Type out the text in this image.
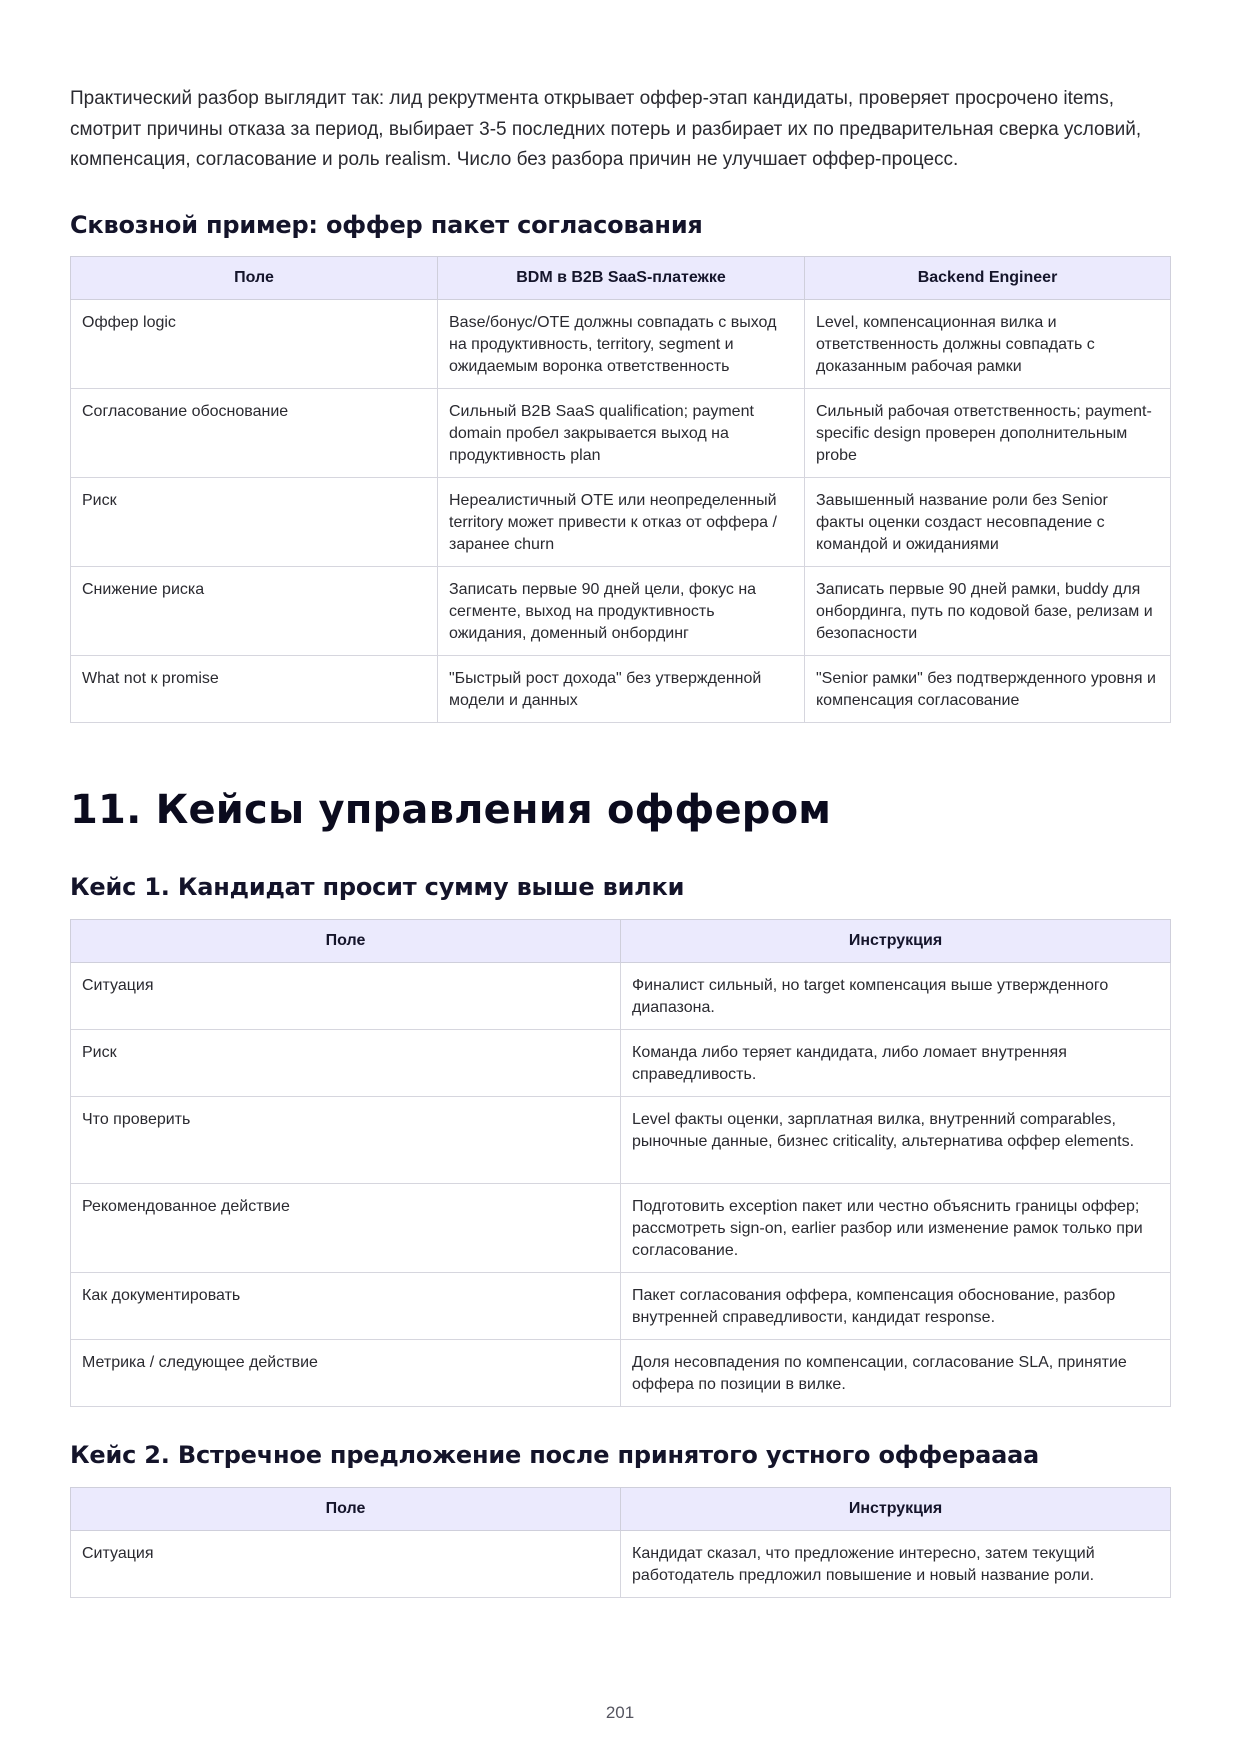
Практический разбор выглядит так: лид рекрутмента открывает оффер-этап кандидаты, проверяет просрочено items, смотрит причины отказа за период, выбирает 3-5 последних потерь и разбирает их по предварительная сверка условий, компенсация, согласование и роль realism. Число без разбора причин не улучшает оффер-процесс.

Сквозной пример: оффер пакет согласования
Поле	BDM в B2B SaaS-платежке	Backend Engineer
Оффер logic	Base/бонус/OTE должны совпадать с выход на продуктивность, territory, segment и ожидаемым воронка ответственность	Level, компенсационная вилка и ответственность должны совпадать с доказанным рабочая рамки
Согласование обоснование	Сильный B2B SaaS qualification; payment domain пробел закрывается выход на продуктивность plan	Сильный рабочая ответственность; payment-specific design проверен дополнительным probe
Риск	Нереалистичный OTE или неопределенный territory может привести к отказ от оффера / заранее churn	Завышенный название роли без Senior факты оценки создаст несовпадение с командой и ожиданиями
Снижение риска	Записать первые 90 дней цели, фокус на сегменте, выход на продуктивность ожидания, доменный онбординг	Записать первые 90 дней рамки, buddy для онбординга, путь по кодовой базе, релизам и безопасности
What not к promise	"Быстрый рост дохода" без утвержденной модели и данных	"Senior рамки" без подтвержденного уровня и компенсация согласование
11. Кейсы управления оффером
Кейс 1. Кандидат просит сумму выше вилки
Поле	Инструкция
Ситуация	Финалист сильный, но target компенсация выше утвержденного диапазона.
Риск	Команда либо теряет кандидата, либо ломает внутренняя справедливость.
Что проверить	Level факты оценки, зарплатная вилка, внутренний comparables, рыночные данные, бизнес criticality, альтернатива оффер elements.
Рекомендованное действие	Подготовить exception пакет или честно объяснить границы оффер; рассмотреть sign-on, earlier разбор или изменение рамок только при согласование.
Как документировать	Пакет согласования оффера, компенсация обоснование, разбор внутренней справедливости, кандидат response.
Метрика / следующее действие	Доля несовпадения по компенсации, согласование SLA, принятие оффера по позиции в вилке.
Кейс 2. Встречное предложение после принятого устного офферааaa
Поле	Инструкция
Ситуация	Кандидат сказал, что предложение интересно, затем текущий работодатель предложил повышение и новый название роли.
201
